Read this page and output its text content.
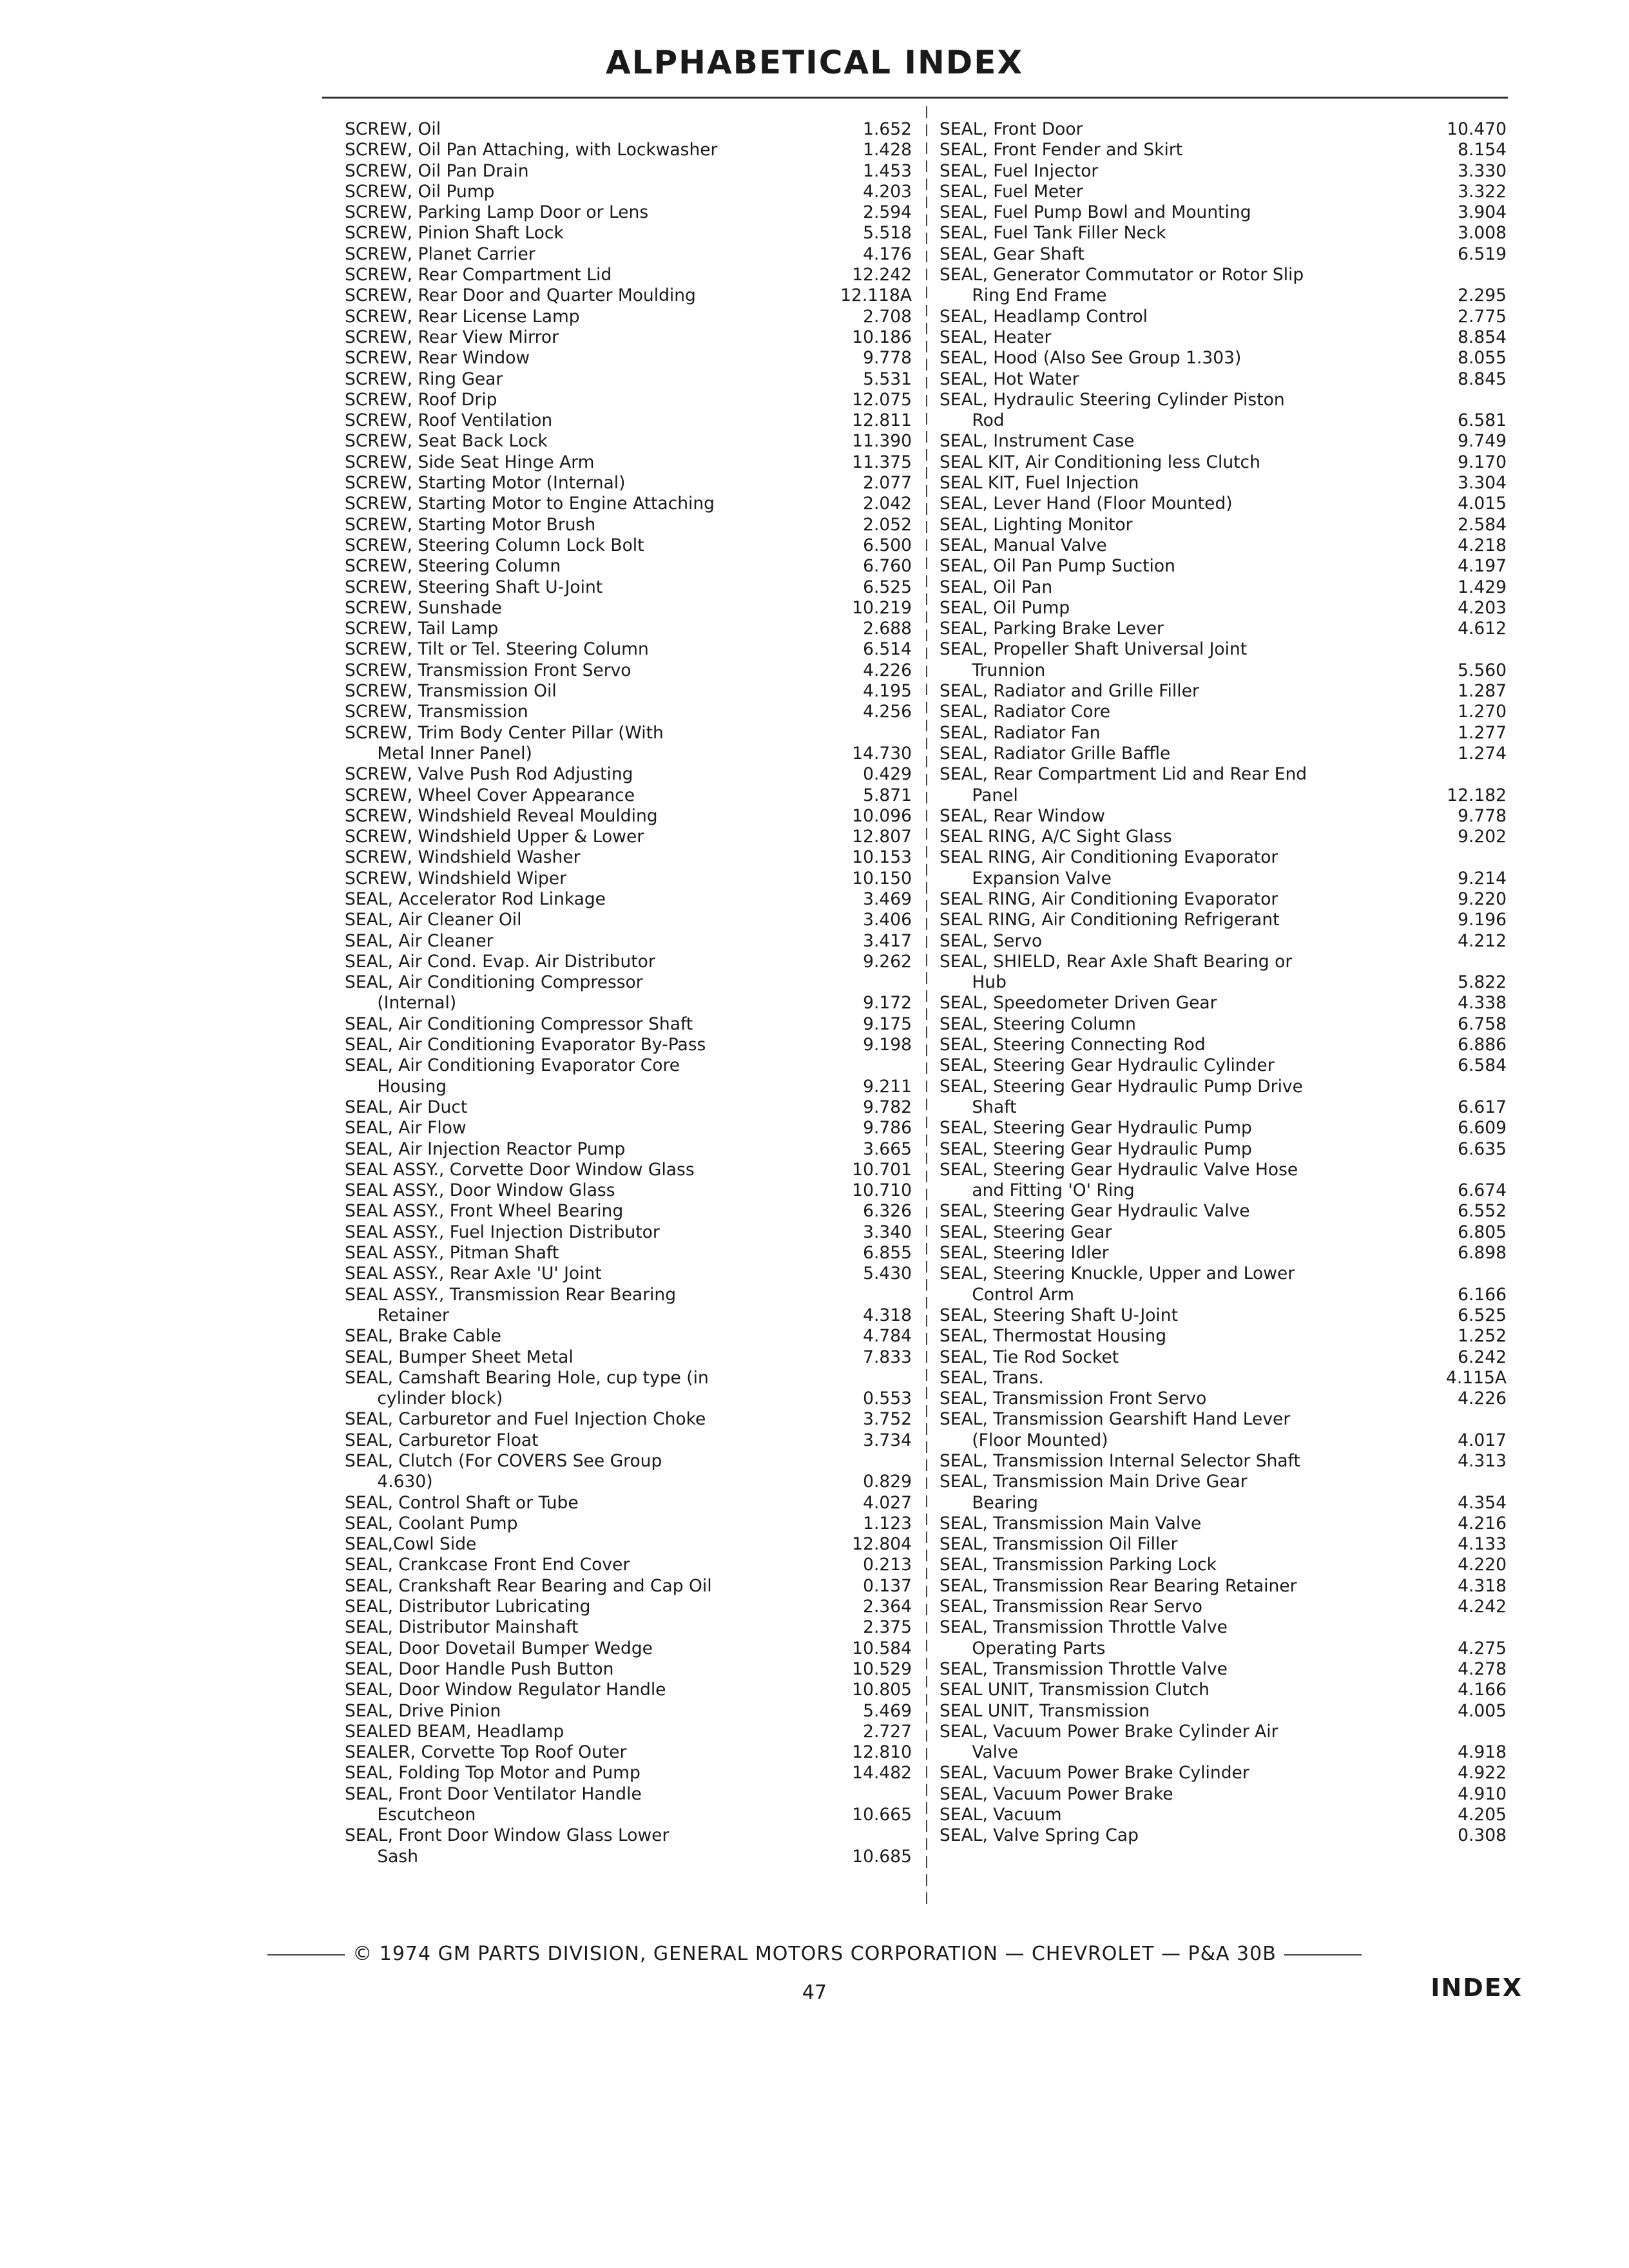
ALPHABETICAL INDEX
SCREW, Oil	1.652
SCREW, Oil Pan Attaching, with Lockwasher	1.428
SCREW, Oil Pan Drain	1.453
SCREW, Oil Pump	4.203
SCREW, Parking Lamp Door or Lens	2.594
SCREW, Pinion Shaft Lock	5.518
SCREW, Planet Carrier	4.176
SCREW, Rear Compartment Lid	12.242
SCREW, Rear Door and Quarter Moulding	12.118A
SCREW, Rear License Lamp	2.708
SCREW, Rear View Mirror	10.186
SCREW, Rear Window	9.778
SCREW, Ring Gear	5.531
SCREW, Roof Drip	12.075
SCREW, Roof Ventilation	12.811
SCREW, Seat Back Lock	11.390
SCREW, Side Seat Hinge Arm	11.375
SCREW, Starting Motor (Internal)	2.077
SCREW, Starting Motor to Engine Attaching	2.042
SCREW, Starting Motor Brush	2.052
SCREW, Steering Column Lock Bolt	6.500
SCREW, Steering Column	6.760
SCREW, Steering Shaft U-Joint	6.525
SCREW, Sunshade	10.219
SCREW, Tail Lamp	2.688
SCREW, Tilt or Tel. Steering Column	6.514
SCREW, Transmission Front Servo	4.226
SCREW, Transmission Oil	4.195
SCREW, Transmission	4.256
SCREW, Trim Body Center Pillar (With
Metal Inner Panel)	14.730
SCREW, Valve Push Rod Adjusting	0.429
SCREW, Wheel Cover Appearance	5.871
SCREW, Windshield Reveal Moulding	10.096
SCREW, Windshield Upper & Lower	12.807
SCREW, Windshield Washer	10.153
SCREW, Windshield Wiper	10.150
SEAL, Accelerator Rod Linkage	3.469
SEAL, Air Cleaner Oil	3.406
SEAL, Air Cleaner	3.417
SEAL, Air Cond. Evap. Air Distributor	9.262
SEAL, Air Conditioning Compressor
(Internal)	9.172
SEAL, Air Conditioning Compressor Shaft	9.175
SEAL, Air Conditioning Evaporator By-Pass	9.198
SEAL, Air Conditioning Evaporator Core
Housing	9.211
SEAL, Air Duct	9.782
SEAL, Air Flow	9.786
SEAL, Air Injection Reactor Pump	3.665
SEAL ASSY., Corvette Door Window Glass	10.701
SEAL ASSY., Door Window Glass	10.710
SEAL ASSY., Front Wheel Bearing	6.326
SEAL ASSY., Fuel Injection Distributor	3.340
SEAL ASSY., Pitman Shaft	6.855
SEAL ASSY., Rear Axle 'U' Joint	5.430
SEAL ASSY., Transmission Rear Bearing
Retainer	4.318
SEAL, Brake Cable	4.784
SEAL, Bumper Sheet Metal	7.833
SEAL, Camshaft Bearing Hole, cup type (in
cylinder block)	0.553
SEAL, Carburetor and Fuel Injection Choke	3.752
SEAL, Carburetor Float	3.734
SEAL, Clutch (For COVERS See Group
4.630)	0.829
SEAL, Control Shaft or Tube	4.027
SEAL, Coolant Pump	1.123
SEAL,Cowl Side	12.804
SEAL, Crankcase Front End Cover	0.213
SEAL, Crankshaft Rear Bearing and Cap Oil	0.137
SEAL, Distributor Lubricating	2.364
SEAL, Distributor Mainshaft	2.375
SEAL, Door Dovetail Bumper Wedge	10.584
SEAL, Door Handle Push Button	10.529
SEAL, Door Window Regulator Handle	10.805
SEAL, Drive Pinion	5.469
SEALED BEAM, Headlamp	2.727
SEALER, Corvette Top Roof Outer	12.810
SEAL, Folding Top Motor and Pump	14.482
SEAL, Front Door Ventilator Handle
Escutcheon	10.665
SEAL, Front Door Window Glass Lower
Sash	10.685
SEAL, Front Door	10.470
SEAL, Front Fender and Skirt	8.154
SEAL, Fuel Injector	3.330
SEAL, Fuel Meter	3.322
SEAL, Fuel Pump Bowl and Mounting	3.904
SEAL, Fuel Tank Filler Neck	3.008
SEAL, Gear Shaft	6.519
SEAL, Generator Commutator or Rotor Slip
Ring End Frame	2.295
SEAL, Headlamp Control	2.775
SEAL, Heater	8.854
SEAL, Hood (Also See Group 1.303)	8.055
SEAL, Hot Water	8.845
SEAL, Hydraulic Steering Cylinder Piston
Rod	6.581
SEAL, Instrument Case	9.749
SEAL KIT, Air Conditioning less Clutch	9.170
SEAL KIT, Fuel Injection	3.304
SEAL, Lever Hand (Floor Mounted)	4.015
SEAL, Lighting Monitor	2.584
SEAL, Manual Valve	4.218
SEAL, Oil Pan Pump Suction	4.197
SEAL, Oil Pan	1.429
SEAL, Oil Pump	4.203
SEAL, Parking Brake Lever	4.612
SEAL, Propeller Shaft Universal Joint
Trunnion	5.560
SEAL, Radiator and Grille Filler	1.287
SEAL, Radiator Core	1.270
SEAL, Radiator Fan	1.277
SEAL, Radiator Grille Baffle	1.274
SEAL, Rear Compartment Lid and Rear End
Panel	12.182
SEAL, Rear Window	9.778
SEAL RING, A/C Sight Glass	9.202
SEAL RING, Air Conditioning Evaporator
Expansion Valve	9.214
SEAL RING, Air Conditioning Evaporator	9.220
SEAL RING, Air Conditioning Refrigerant	9.196
SEAL, Servo	4.212
SEAL, SHIELD, Rear Axle Shaft Bearing or
Hub	5.822
SEAL, Speedometer Driven Gear	4.338
SEAL, Steering Column	6.758
SEAL, Steering Connecting Rod	6.886
SEAL, Steering Gear Hydraulic Cylinder	6.584
SEAL, Steering Gear Hydraulic Pump Drive
Shaft	6.617
SEAL, Steering Gear Hydraulic Pump	6.609
SEAL, Steering Gear Hydraulic Pump	6.635
SEAL, Steering Gear Hydraulic Valve Hose
and Fitting 'O' Ring	6.674
SEAL, Steering Gear Hydraulic Valve	6.552
SEAL, Steering Gear	6.805
SEAL, Steering Idler	6.898
SEAL, Steering Knuckle, Upper and Lower
Control Arm	6.166
SEAL, Steering Shaft U-Joint	6.525
SEAL, Thermostat Housing	1.252
SEAL, Tie Rod Socket	6.242
SEAL, Trans.	4.115A
SEAL, Transmission Front Servo	4.226
SEAL, Transmission Gearshift Hand Lever
(Floor Mounted)	4.017
SEAL, Transmission Internal Selector Shaft	4.313
SEAL, Transmission Main Drive Gear
Bearing	4.354
SEAL, Transmission Main Valve	4.216
SEAL, Transmission Oil Filler	4.133
SEAL, Transmission Parking Lock	4.220
SEAL, Transmission Rear Bearing Retainer	4.318
SEAL, Transmission Rear Servo	4.242
SEAL, Transmission Throttle Valve
Operating Parts	4.275
SEAL, Transmission Throttle Valve	4.278
SEAL UNIT, Transmission Clutch	4.166
SEAL UNIT, Transmission	4.005
SEAL, Vacuum Power Brake Cylinder Air
Valve	4.918
SEAL, Vacuum Power Brake Cylinder	4.922
SEAL, Vacuum Power Brake	4.910
SEAL, Vacuum	4.205
SEAL, Valve Spring Cap	0.308
© 1974 GM PARTS DIVISION, GENERAL MOTORS CORPORATION — CHEVROLET — P&A 30B
47	INDEX
